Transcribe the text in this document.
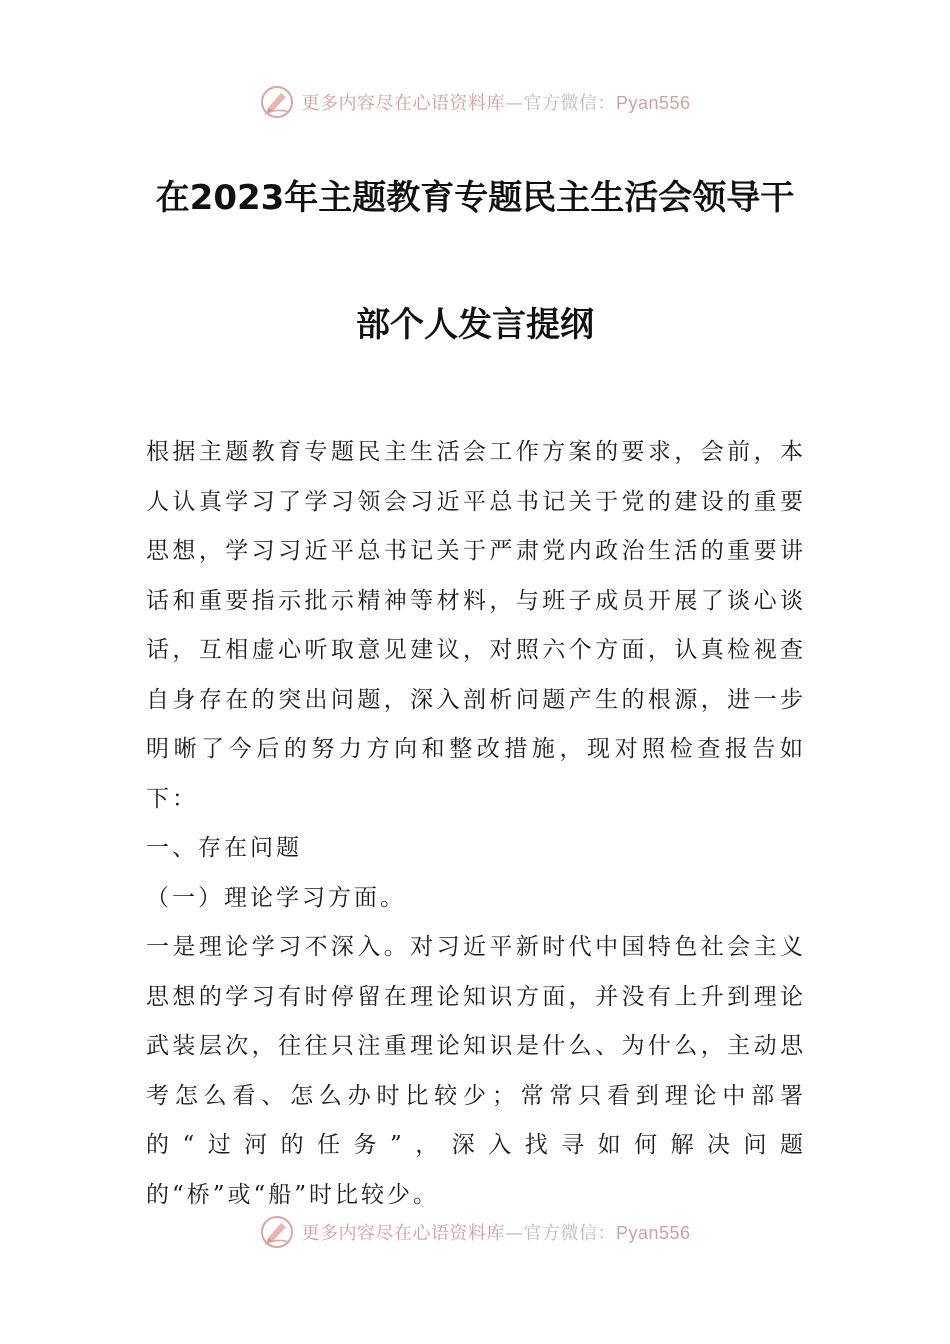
更多内容尽在心语资料库—官方微信：Pyan556
在2023年主题教育专题民主生活会领导干
部个人发言提纲

根据主题教育专题民主生活会工作方案的要求，会前，本人认真学习了学习领会习近平总书记关于党的建设的重要思想，学习习近平总书记关于严肃党内政治生活的重要讲话和重要指示批示精神等材料，与班子成员开展了谈心谈话，互相虚心听取意见建议，对照六个方面，认真检视查自身存在的突出问题，深入剖析问题产生的根源，进一步明晰了今后的努力方向和整改措施，现对照检查报告如下：

一、存在问题

（一）理论学习方面。

一是理论学习不深入。对习近平新时代中国特色社会主义思想的学习有时停留在理论知识方面，并没有上升到理论武装层次，往往只注重理论知识是什么、为什么，主动思考怎么看、怎么办时比较少；常常只看到理论中部署的“过河的任务”，深入找寻如何解决问题的“桥”或“船”时比较少。

更多内容尽在心语资料库—官方微信：Pyan556
